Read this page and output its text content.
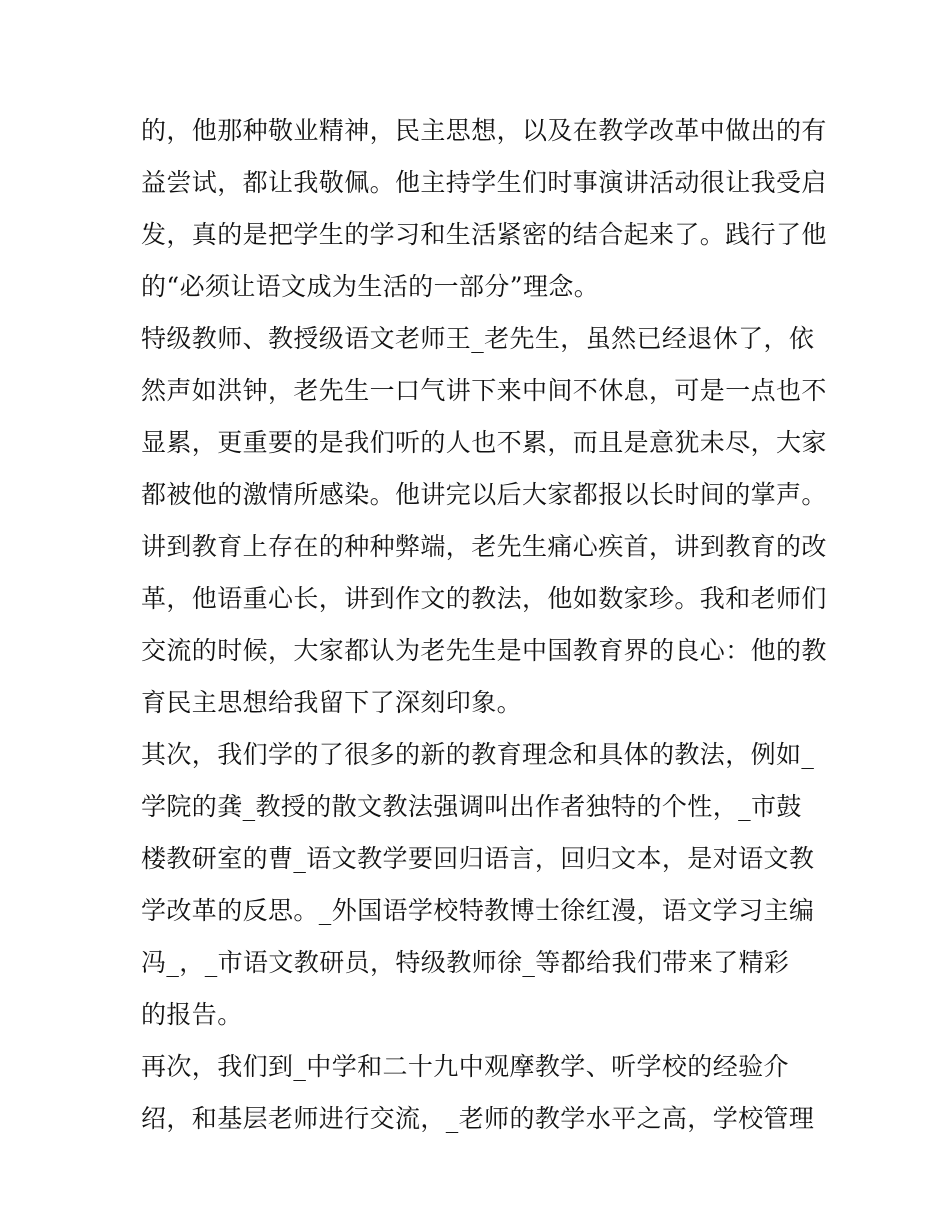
的，他那种敬业精神，民主思想，以及在教学改革中做出的有
益尝试，都让我敬佩。他主持学生们时事演讲活动很让我受启
发，真的是把学生的学习和生活紧密的结合起来了。践行了他
的“必须让语文成为生活的一部分”理念。
特级教师、教授级语文老师王_老先生，虽然已经退休了，依
然声如洪钟，老先生一口气讲下来中间不休息，可是一点也不
显累，更重要的是我们听的人也不累，而且是意犹未尽，大家
都被他的激情所感染。他讲完以后大家都报以长时间的掌声。
讲到教育上存在的种种弊端，老先生痛心疾首，讲到教育的改
革，他语重心长，讲到作文的教法，他如数家珍。我和老师们
交流的时候，大家都认为老先生是中国教育界的良心：他的教
育民主思想给我留下了深刻印象。
其次，我们学的了很多的新的教育理念和具体的教法，例如_
学院的龚_教授的散文教法强调叫出作者独特的个性，_市鼓
楼教研室的曹_语文教学要回归语言，回归文本，是对语文教
学改革的反思。_外国语学校特教博士徐红漫，语文学习主编
冯_，_市语文教研员，特级教师徐_等都给我们带来了精彩
的报告。
再次，我们到_中学和二十九中观摩教学、听学校的经验介
绍，和基层老师进行交流，_老师的教学水平之高，学校管理
